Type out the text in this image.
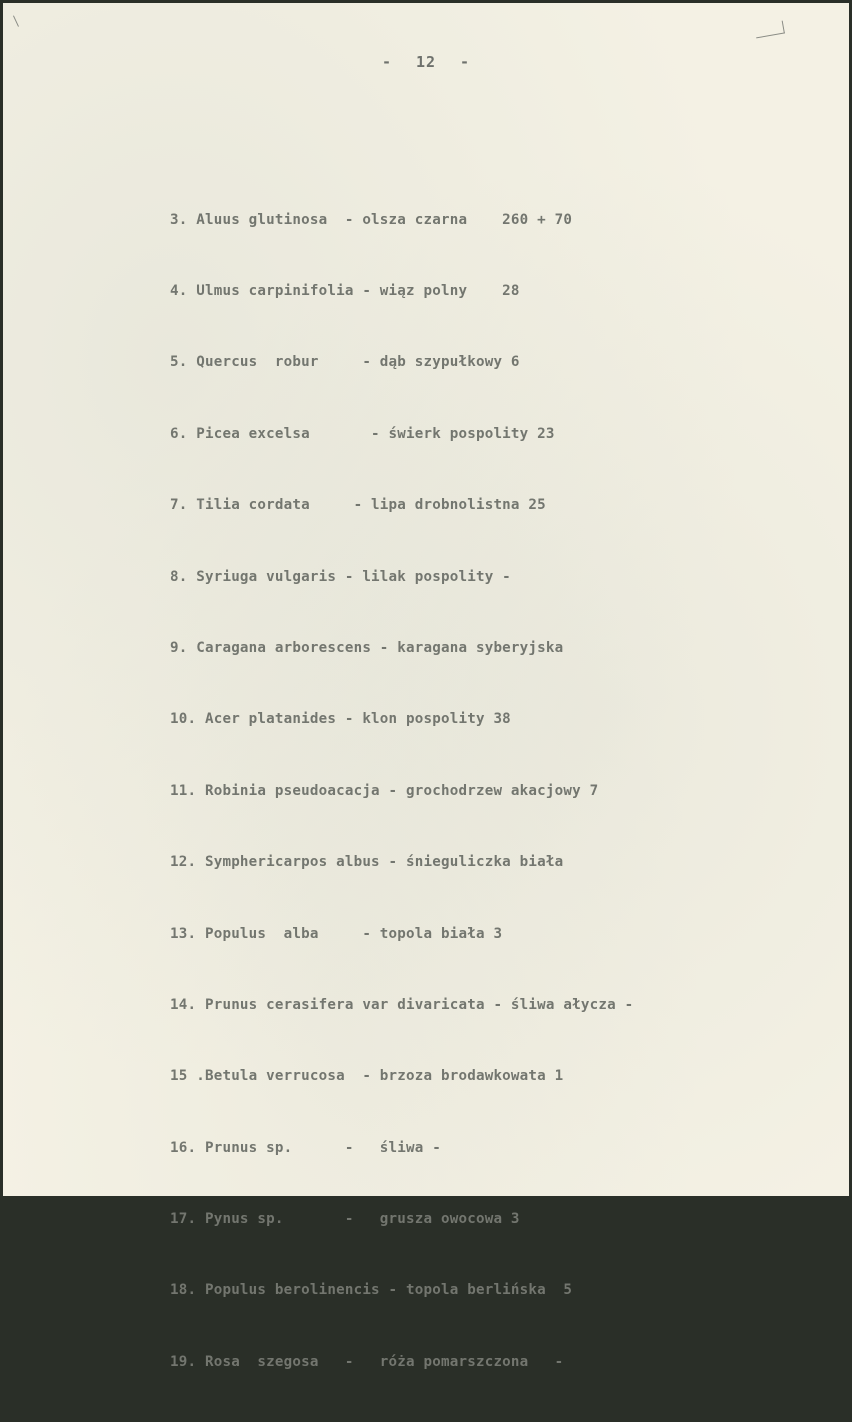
- 12 -

3. Aluus glutinosa  - olsza czarna    260 + 70

4. Ulmus carpinifolia - wiąz polny    28

5. Quercus  robur     - dąb szypułkowy 6

6. Picea excelsa       - świerk pospolity 23

7. Tilia cordata     - lipa drobnolistna 25

8. Syriuga vulgaris - lilak pospolity -

9. Caragana arborescens - karagana syberyjska

10. Acer platanides - klon pospolity 38

11. Robinia pseudoacacja - grochodrzew akacjowy 7

12. Symphericarpos albus - śnieguliczka biała

13. Populus  alba     - topola biała 3

14. Prunus cerasifera var divaricata - śliwa ałycza -

15 .Betula verrucosa  - brzoza brodawkowata 1

16. Prunus sp.      -   śliwa -

17. Pynus sp.       -   grusza owocowa 3

18. Populus berolinencis - topola berlińska  5

19. Rosa  szegosa   -   róża pomarszczona   -
